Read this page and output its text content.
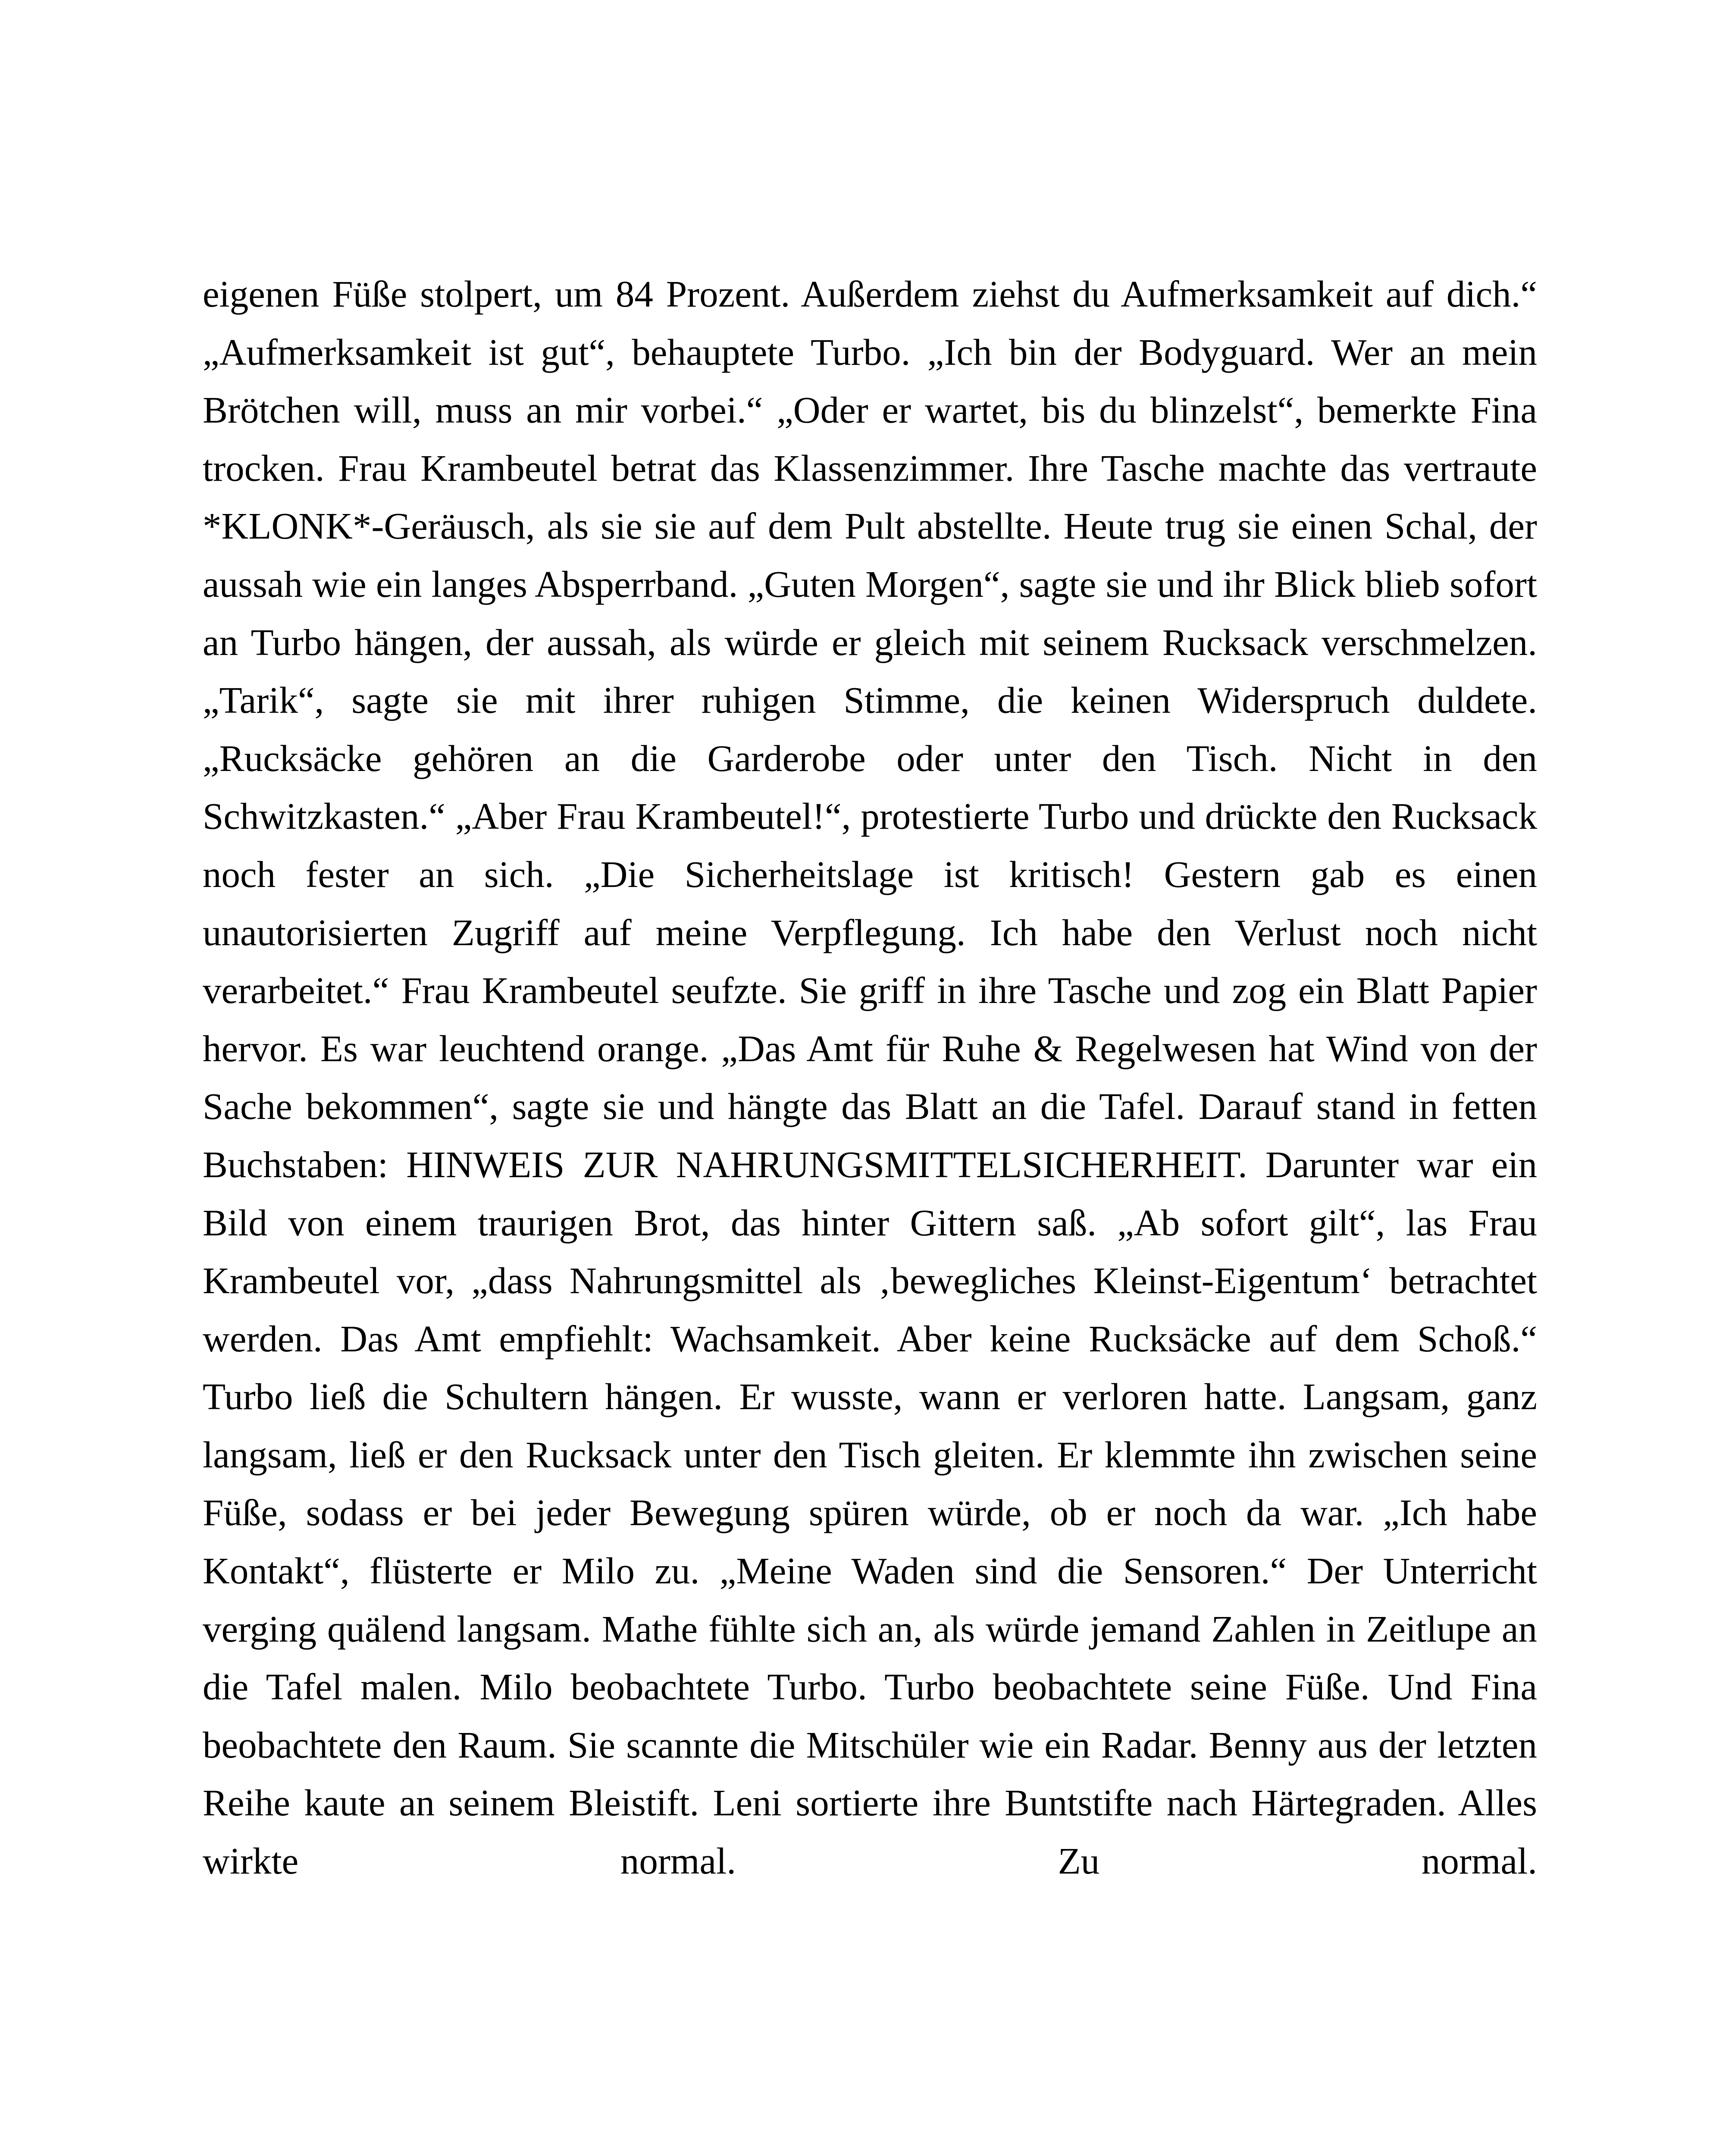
eigenen Füße stolpert, um 84 Prozent. Außerdem ziehst du Aufmerksamkeit auf dich.“ „Aufmerksamkeit ist gut“, behauptete Turbo. „Ich bin der Bodyguard. Wer an mein Brötchen will, muss an mir vorbei.“ „Oder er wartet, bis du blinzelst“, bemerkte Fina trocken. Frau Krambeutel betrat das Klassenzimmer. Ihre Tasche machte das vertraute *KLONK*-Geräusch, als sie sie auf dem Pult abstellte. Heute trug sie einen Schal, der aussah wie ein langes Absperrband. „Guten Morgen“, sagte sie und ihr Blick blieb sofort an Turbo hängen, der aussah, als würde er gleich mit seinem Rucksack verschmelzen. „Tarik“, sagte sie mit ihrer ruhigen Stimme, die keinen Widerspruch duldete. „Rucksäcke gehören an die Garderobe oder unter den Tisch. Nicht in den Schwitzkasten.“ „Aber Frau Krambeutel!“, protestierte Turbo und drückte den Rucksack noch fester an sich. „Die Sicherheitslage ist kritisch! Gestern gab es einen unautorisierten Zugriff auf meine Verpflegung. Ich habe den Verlust noch nicht verarbeitet.“ Frau Krambeutel seufzte. Sie griff in ihre Tasche und zog ein Blatt Papier hervor. Es war leuchtend orange. „Das Amt für Ruhe & Regelwesen hat Wind von der Sache bekommen“, sagte sie und hängte das Blatt an die Tafel. Darauf stand in fetten Buchstaben: HINWEIS ZUR NAHRUNGSMITTELSICHERHEIT. Darunter war ein Bild von einem traurigen Brot, das hinter Gittern saß. „Ab sofort gilt“, las Frau Krambeutel vor, „dass Nahrungsmittel als ‚bewegliches Kleinst-Eigentum‘ betrachtet werden. Das Amt empfiehlt: Wachsamkeit. Aber keine Rucksäcke auf dem Schoß.“ Turbo ließ die Schultern hängen. Er wusste, wann er verloren hatte. Langsam, ganz langsam, ließ er den Rucksack unter den Tisch gleiten. Er klemmte ihn zwischen seine Füße, sodass er bei jeder Bewegung spüren würde, ob er noch da war. „Ich habe Kontakt“, flüsterte er Milo zu. „Meine Waden sind die Sensoren.“ Der Unterricht verging quälend langsam. Mathe fühlte sich an, als würde jemand Zahlen in Zeitlupe an die Tafel malen. Milo beobachtete Turbo. Turbo beobachtete seine Füße. Und Fina beobachtete den Raum. Sie scannte die Mitschüler wie ein Radar. Benny aus der letzten Reihe kaute an seinem Bleistift. Leni sortierte ihre Buntstifte nach Härtegraden. Alles wirkte normal. Zu normal.
